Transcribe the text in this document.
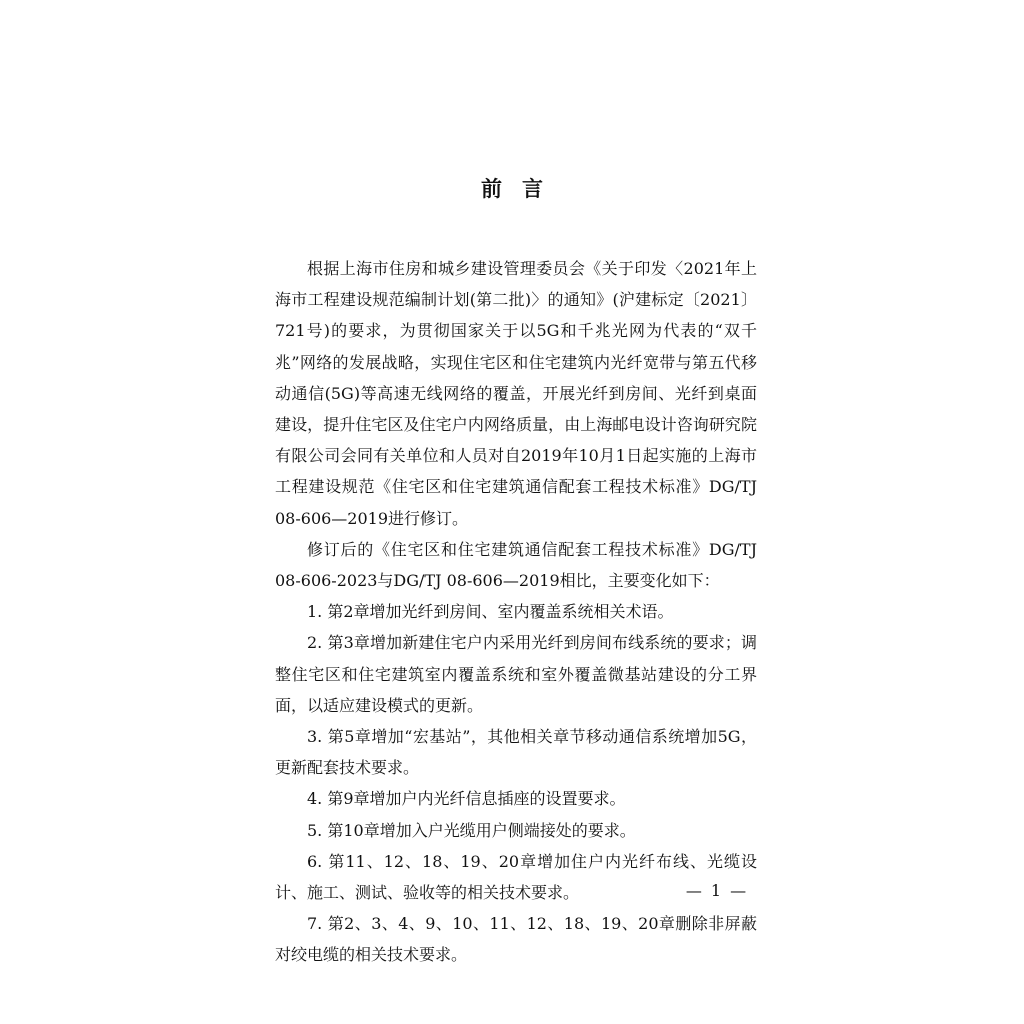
前言

根据上海市住房和城乡建设管理委员会《关于印发〈2021年上海市工程建设规范编制计划(第二批)〉的通知》(沪建标定〔2021〕721号)的要求，为贯彻国家关于以5G和千兆光网为代表的“双千兆”网络的发展战略，实现住宅区和住宅建筑内光纤宽带与第五代移动通信(5G)等高速无线网络的覆盖，开展光纤到房间、光纤到桌面建设，提升住宅区及住宅户内网络质量，由上海邮电设计咨询研究院有限公司会同有关单位和人员对自2019年10月1日起实施的上海市工程建设规范《住宅区和住宅建筑通信配套工程技术标准》DG/TJ 08-606—2019进行修订。

修订后的《住宅区和住宅建筑通信配套工程技术标准》DG/TJ 08-606-2023与DG/TJ 08-606—2019相比，主要变化如下：

1. 第2章增加光纤到房间、室内覆盖系统相关术语。

2. 第3章增加新建住宅户内采用光纤到房间布线系统的要求；调整住宅区和住宅建筑室内覆盖系统和室外覆盖微基站建设的分工界面，以适应建设模式的更新。

3. 第5章增加“宏基站”，其他相关章节移动通信系统增加5G，更新配套技术要求。

4. 第9章增加户内光纤信息插座的设置要求。

5. 第10章增加入户光缆用户侧端接处的要求。

6. 第11、12、18、19、20章增加住户内光纤布线、光缆设计、施工、测试、验收等的相关技术要求。

7. 第2、3、4、9、10、11、12、18、19、20章删除非屏蔽对绞电缆的相关技术要求。

— 1 —
